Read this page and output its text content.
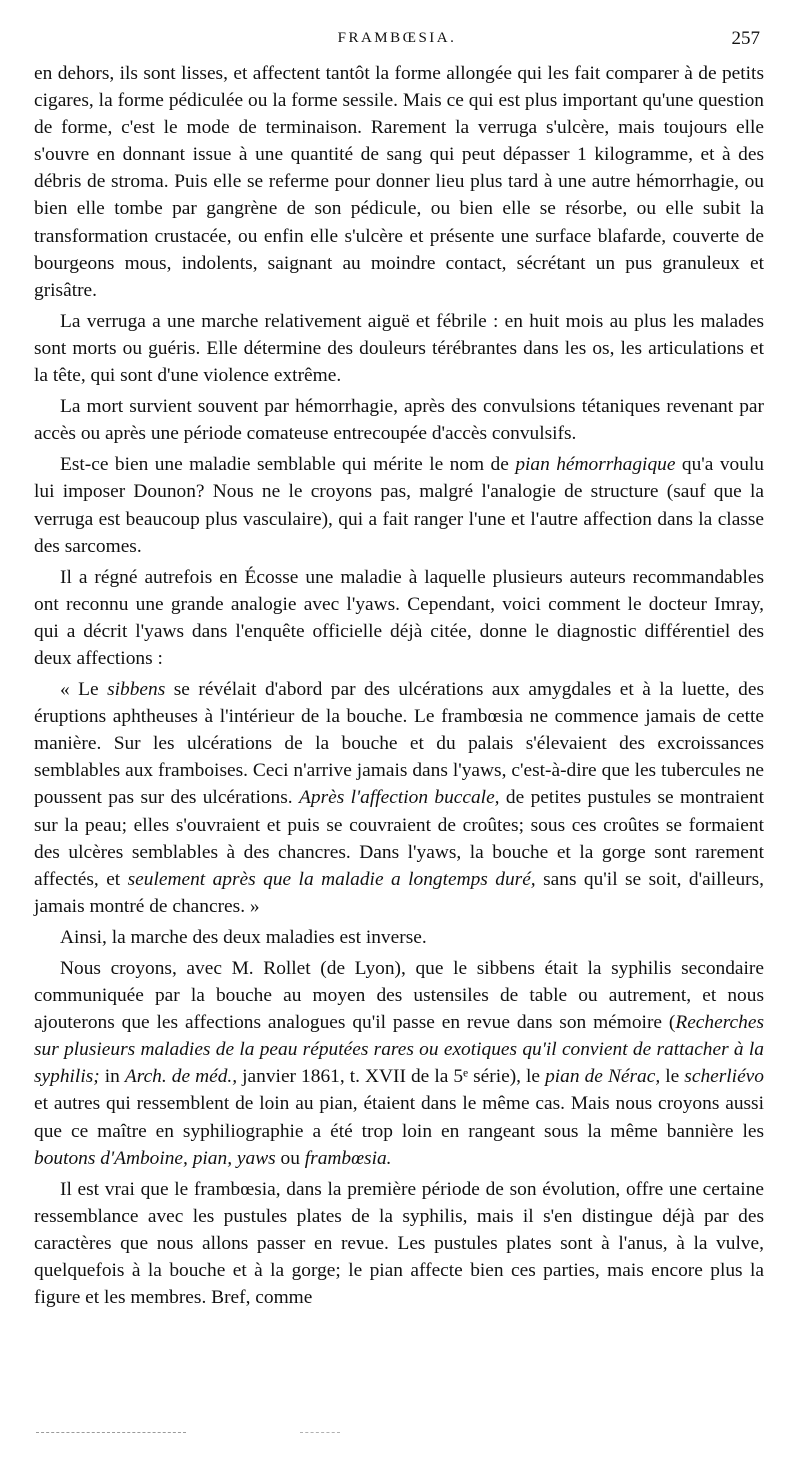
FRAMBŒSIA.	257

en dehors, ils sont lisses, et affectent tantôt la forme allongée qui les fait comparer à de petits cigares, la forme pédiculée ou la forme sessile. Mais ce qui est plus important qu'une question de forme, c'est le mode de terminaison. Rarement la verruga s'ulcère, mais toujours elle s'ouvre en donnant issue à une quantité de sang qui peut dépasser 1 kilogramme, et à des débris de stroma. Puis elle se referme pour donner lieu plus tard à une autre hémorrhagie, ou bien elle tombe par gangrène de son pédicule, ou bien elle se résorbe, ou elle subit la transformation crustacée, ou enfin elle s'ulcère et présente une surface blafarde, couverte de bourgeons mous, indolents, saignant au moindre contact, sécrétant un pus granuleux et grisâtre.

La verruga a une marche relativement aiguë et fébrile : en huit mois au plus les malades sont morts ou guéris. Elle détermine des douleurs térébrantes dans les os, les articulations et la tête, qui sont d'une violence extrême.

La mort survient souvent par hémorrhagie, après des convulsions tétaniques revenant par accès ou après une période comateuse entrecoupée d'accès convulsifs.

Est-ce bien une maladie semblable qui mérite le nom de pian hémorrhagique qu'a voulu lui imposer Dounon? Nous ne le croyons pas, malgré l'analogie de structure (sauf que la verruga est beaucoup plus vasculaire), qui a fait ranger l'une et l'autre affection dans la classe des sarcomes.

Il a régné autrefois en Écosse une maladie à laquelle plusieurs auteurs recommandables ont reconnu une grande analogie avec l'yaws. Cependant, voici comment le docteur Imray, qui a décrit l'yaws dans l'enquête officielle déjà citée, donne le diagnostic différentiel des deux affections :

« Le sibbens se révélait d'abord par des ulcérations aux amygdales et à la luette, des éruptions aphtheuses à l'intérieur de la bouche. Le frambœsia ne commence jamais de cette manière. Sur les ulcérations de la bouche et du palais s'élevaient des excroissances semblables aux framboises. Ceci n'arrive jamais dans l'yaws, c'est-à-dire que les tubercules ne poussent pas sur des ulcérations. Après l'affection buccale, de petites pustules se montraient sur la peau; elles s'ouvraient et puis se couvraient de croûtes; sous ces croûtes se formaient des ulcères semblables à des chancres. Dans l'yaws, la bouche et la gorge sont rarement affectés, et seulement après que la maladie a longtemps duré, sans qu'il se soit, d'ailleurs, jamais montré de chancres. »

Ainsi, la marche des deux maladies est inverse.

Nous croyons, avec M. Rollet (de Lyon), que le sibbens était la syphilis secondaire communiquée par la bouche au moyen des ustensiles de table ou autrement, et nous ajouterons que les affections analogues qu'il passe en revue dans son mémoire (Recherches sur plusieurs maladies de la peau réputées rares ou exotiques qu'il convient de rattacher à la syphilis; in Arch. de méd., janvier 1861, t. XVII de la 5ᵉ série), le pian de Nérac, le scherliévo et autres qui ressemblent de loin au pian, étaient dans le même cas. Mais nous croyons aussi que ce maître en syphiliographie a été trop loin en rangeant sous la même bannière les boutons d'Amboine, pian, yaws ou frambœsia.

Il est vrai que le frambœsia, dans la première période de son évolution, offre une certaine ressemblance avec les pustules plates de la syphilis, mais il s'en distingue déjà par des caractères que nous allons passer en revue. Les pustules plates sont à l'anus, à la vulve, quelquefois à la bouche et à la gorge; le pian affecte bien ces parties, mais encore plus la figure et les membres. Bref, comme
